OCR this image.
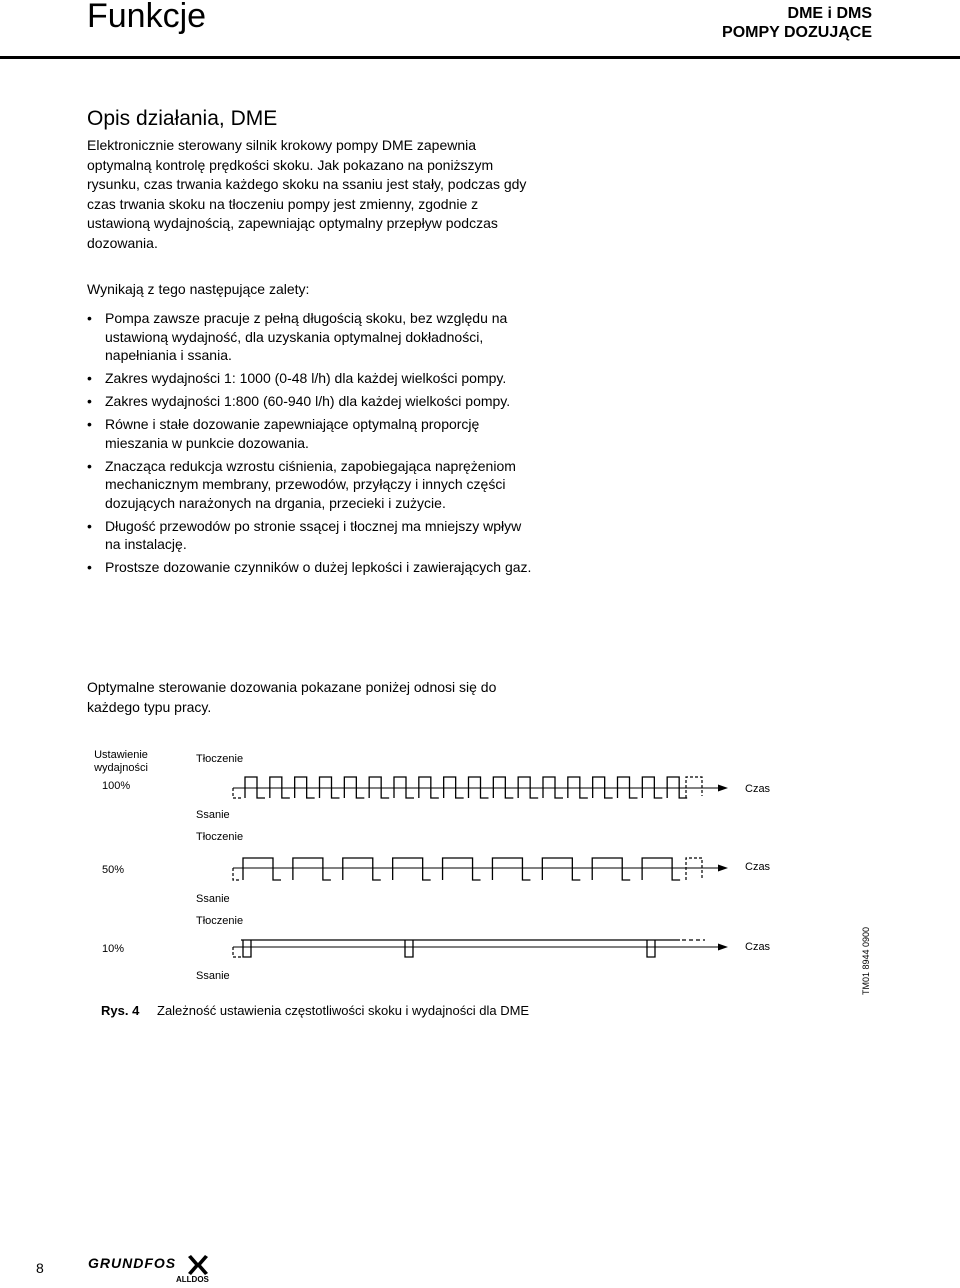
Funkcje	DME i DMS
POMPY DOZUJĄCE
Opis działania, DME

Elektronicznie sterowany silnik krokowy pompy DME zapewnia optymalną kontrolę prędkości skoku. Jak pokazano na poniższym rysunku, czas trwania każdego skoku na ssaniu jest stały, podczas gdy czas trwania skoku na tłoczeniu pompy jest zmienny, zgodnie z ustawioną wydajnością, zapewniając optymalny przepływ podczas dozowania.

Wynikają z tego następujące zalety:

• Pompa zawsze pracuje z pełną długością skoku, bez względu na ustawioną wydajność, dla uzyskania optymalnej dokładności, napełniania i ssania.
• Zakres wydajności 1: 1000 (0-48 l/h) dla każdej wielkości pompy.
• Zakres wydajności 1:800 (60-940 l/h) dla każdej wielkości pompy.
• Równe i stałe dozowanie zapewniające optymalną proporcję mieszania w punkcie dozowania.
• Znacząca redukcja wzrostu ciśnienia, zapobiegająca naprężeniom mechanicznym membrany, przewodów, przyłączy i innych części dozujących narażonych na drgania, przecieki i zużycie.
• Długość przewodów po stronie ssącej i tłocznej ma mniejszy wpływ na instalację.
• Prostsze dozowanie czynników o dużej lepkości i zawierających gaz.

Optymalne sterowanie dozowania pokazane poniżej odnosi się do każdego typu pracy.

Ustawienie
wydajności
Tłoczenie
100%	Czas
Ssanie
Tłoczenie
50%	Czas
Ssanie
Tłoczenie
10%	Czas
Ssanie	TM01 8944 0900
Rys. 4 Zależność ustawienia częstotliwości skoku i wydajności dla DME
8	GRUNDFOS
ALLDOS
